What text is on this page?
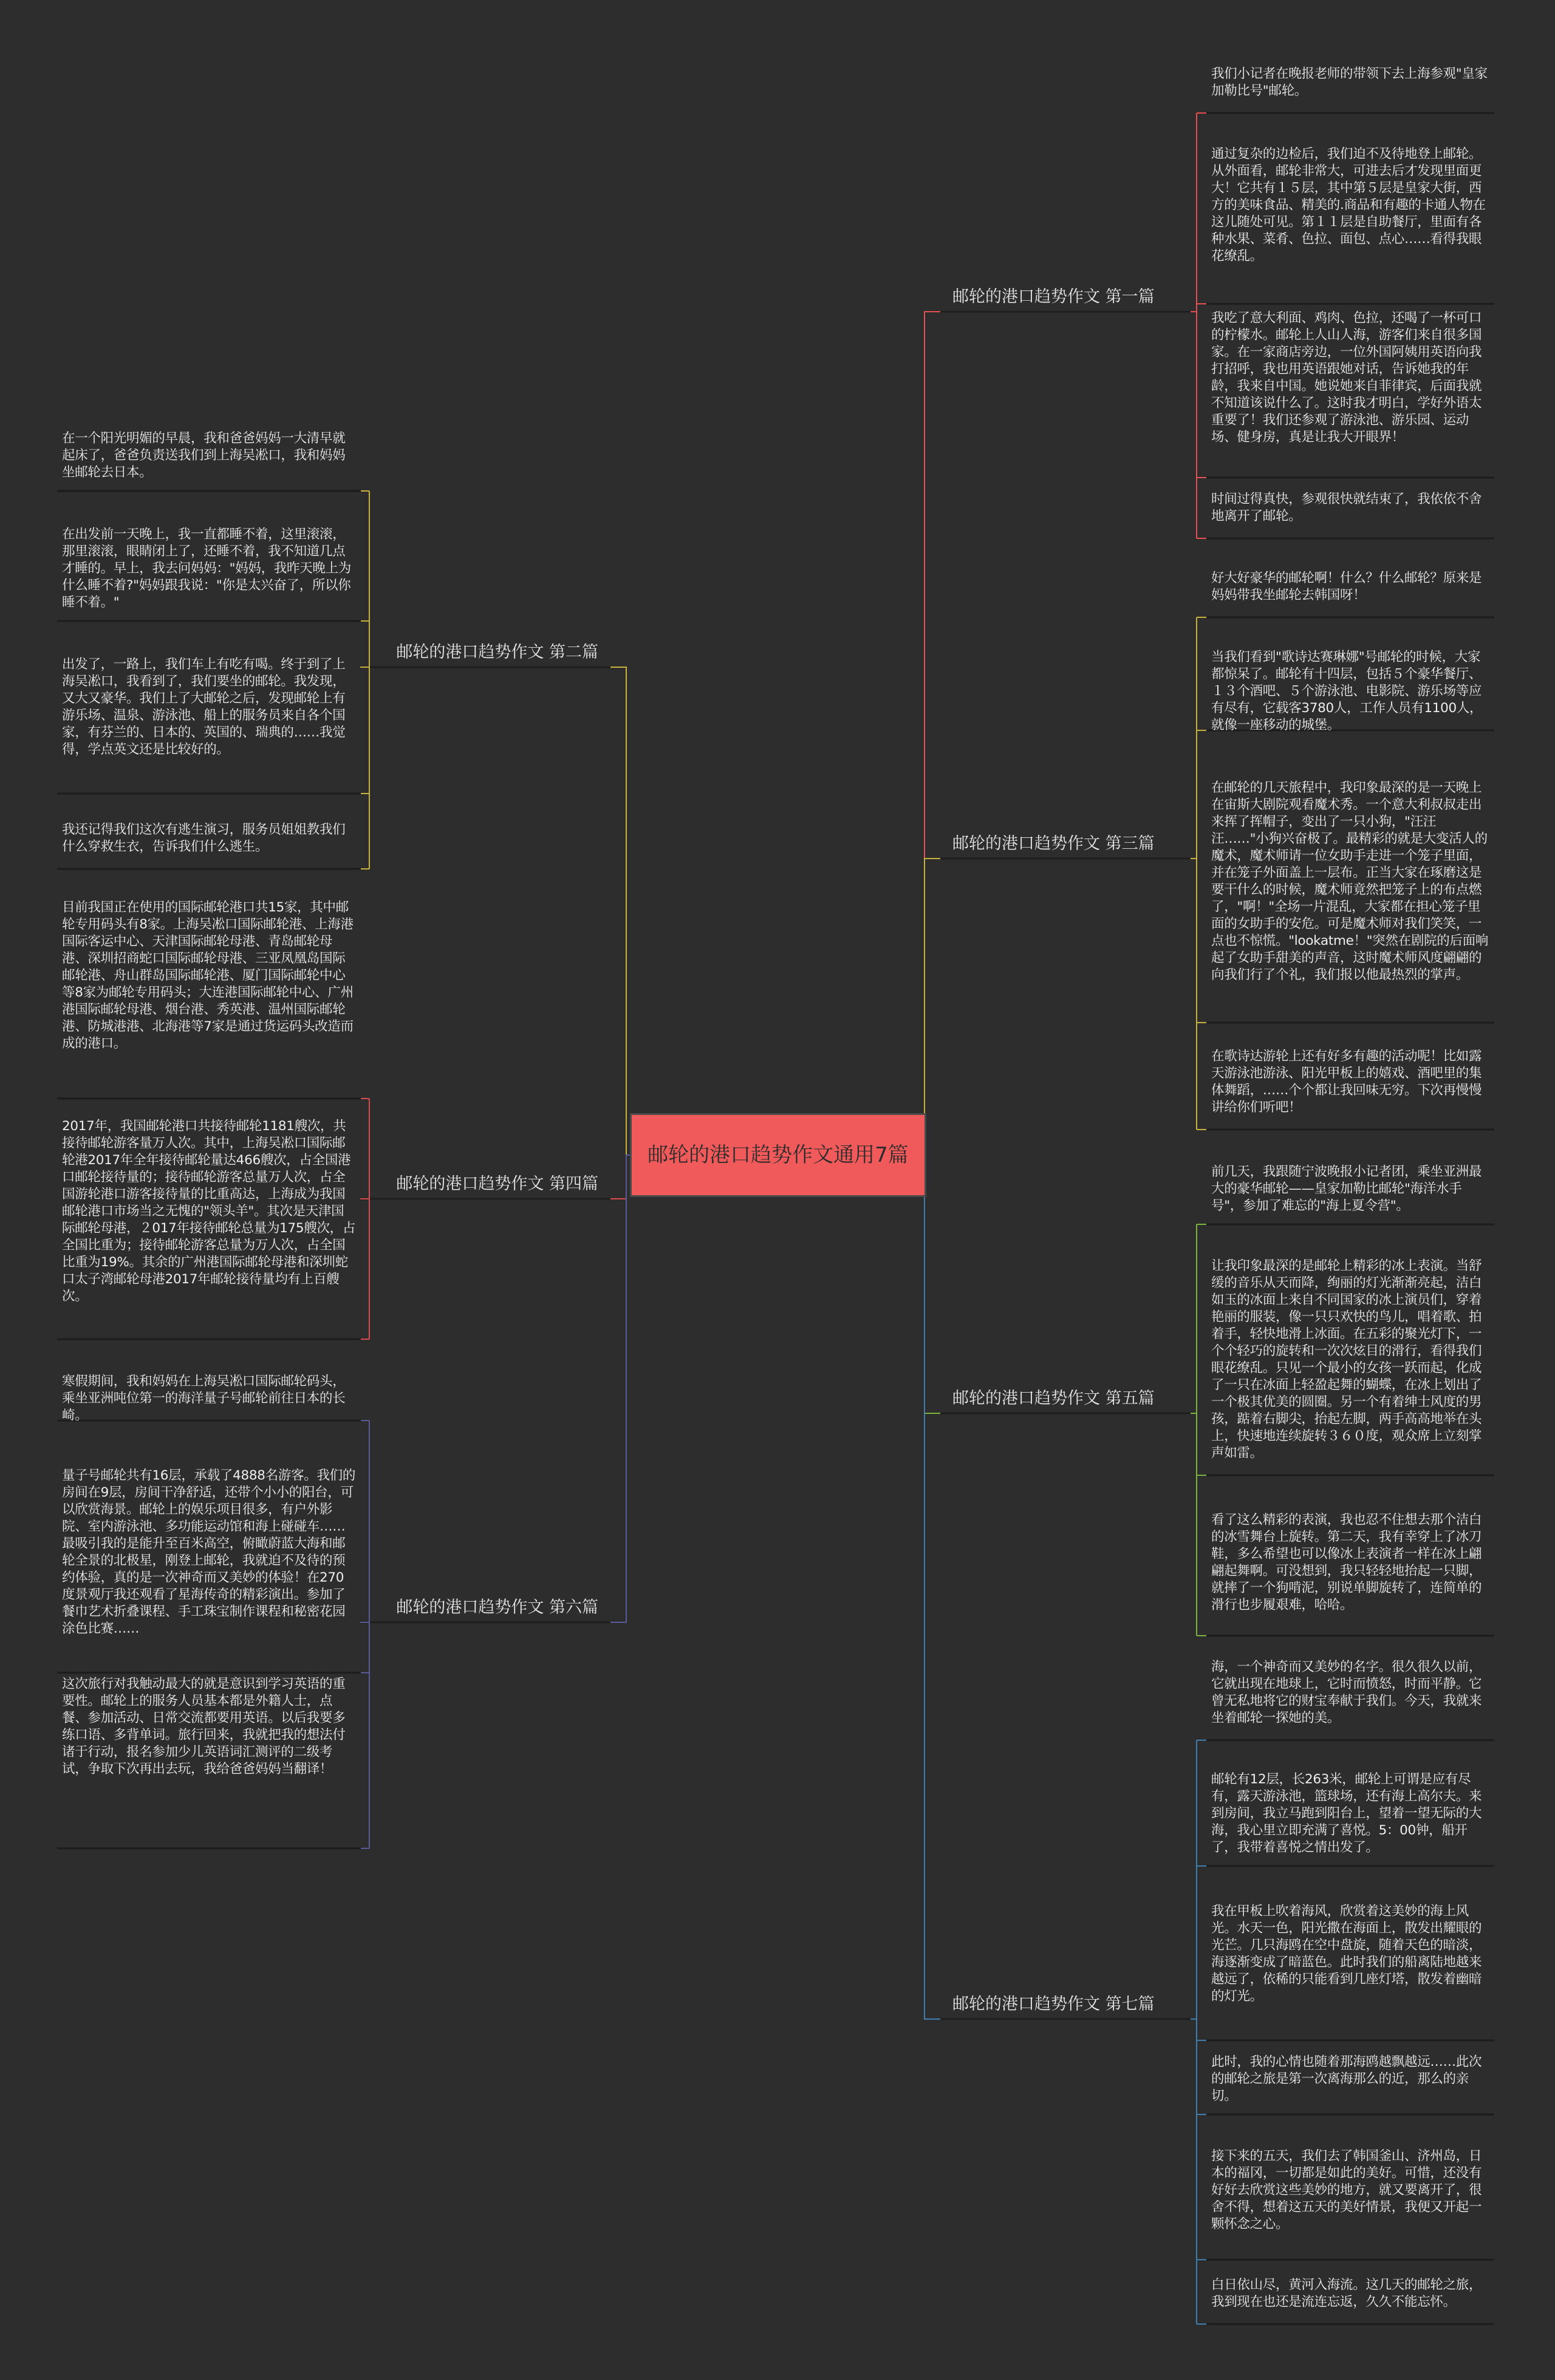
邮轮的港口趋势作文通用7篇
邮轮的港口趋势作文 第一篇
我们小记者在晚报老师的带领下去上海参观"皇家加勒比号"邮轮。
通过复杂的边检后，我们迫不及待地登上邮轮。从外面看，邮轮非常大，可进去后才发现里面更大！它共有１５层，其中第５层是皇家大街，西方的美味食品、精美的.商品和有趣的卡通人物在这儿随处可见。第１１层是自助餐厅，里面有各种水果、菜肴、色拉、面包、点心……看得我眼花缭乱。
我吃了意大利面、鸡肉、色拉，还喝了一杯可口的柠檬水。邮轮上人山人海，游客们来自很多国家。在一家商店旁边，一位外国阿姨用英语向我打招呼，我也用英语跟她对话，告诉她我的年龄，我来自中国。她说她来自菲律宾，后面我就不知道该说什么了。这时我才明白，学好外语太重要了！我们还参观了游泳池、游乐园、运动场、健身房，真是让我大开眼界！
时间过得真快，参观很快就结束了，我依依不舍地离开了邮轮。
邮轮的港口趋势作文 第二篇
在一个阳光明媚的早晨，我和爸爸妈妈一大清早就起床了，爸爸负责送我们到上海吴凇口，我和妈妈坐邮轮去日本。
在出发前一天晚上，我一直都睡不着，这里滚滚，那里滚滚，眼睛闭上了，还睡不着，我不知道几点才睡的。早上，我去问妈妈："妈妈，我昨天晚上为什么睡不着?"妈妈跟我说："你是太兴奋了，所以你睡不着。"
出发了，一路上，我们车上有吃有喝。终于到了上海吴凇口，我看到了，我们要坐的邮轮。我发现，又大又豪华。我们上了大邮轮之后，发现邮轮上有游乐场、温泉、游泳池、船上的服务员来自各个国家，有芬兰的、日本的、英国的、瑞典的……我觉得，学点英文还是比较好的。
我还记得我们这次有逃生演习，服务员姐姐教我们什么穿救生衣，告诉我们什么逃生。	邮轮的港口趋势作文 第三篇
好大好豪华的邮轮啊！什么？什么邮轮？原来是妈妈带我坐邮轮去韩国呀！
当我们看到"歌诗达赛琳娜"号邮轮的时候，大家都惊呆了。邮轮有十四层，包括５个豪华餐厅、１３个酒吧、５个游泳池、电影院、游乐场等应有尽有，它载客3780人，工作人员有1100人，就像一座移动的城堡。
在邮轮的几天旅程中，我印象最深的是一天晚上在宙斯大剧院观看魔术秀。一个意大利叔叔走出来挥了挥帽子，变出了一只小狗，"汪汪汪……"小狗兴奋极了。最精彩的就是大变活人的魔术，魔术师请一位女助手走进一个笼子里面，并在笼子外面盖上一层布。正当大家在琢磨这是要干什么的时候，魔术师竟然把笼子上的布点燃了，"啊！"全场一片混乱，大家都在担心笼子里面的女助手的安危。可是魔术师对我们笑笑，一点也不惊慌。"lookatme！"突然在剧院的后面响起了女助手甜美的声音，这时魔术师风度翩翩的向我们行了个礼，我们报以他最热烈的掌声。
在歌诗达游轮上还有好多有趣的活动呢！比如露天游泳池游泳、阳光甲板上的嬉戏、酒吧里的集体舞蹈，……个个都让我回味无穷。下次再慢慢讲给你们听吧！
邮轮的港口趋势作文 第四篇
目前我国正在使用的国际邮轮港口共15家，其中邮轮专用码头有8家。上海吴凇口国际邮轮港、上海港国际客运中心、天津国际邮轮母港、青岛邮轮母港、深圳招商蛇口国际邮轮母港、三亚凤凰岛国际邮轮港、舟山群岛国际邮轮港、厦门国际邮轮中心等8家为邮轮专用码头；大连港国际邮轮中心、广州港国际邮轮母港、烟台港、秀英港、温州国际邮轮港、防城港港、北海港等7家是通过货运码头改造而成的港口。
2017年，我国邮轮港口共接待邮轮1181艘次，共接待邮轮游客量万人次。其中，上海吴凇口国际邮轮港2017年全年接待邮轮量达466艘次，占全国港口邮轮接待量的；接待邮轮游客总量万人次，占全国游轮港口游客接待量的比重高达，上海成为我国邮轮港口市场当之无愧的"领头羊"。其次是天津国际邮轮母港，２017年接待邮轮总量为175艘次，占全国比重为；接待邮轮游客总量为万人次，占全国比重为19%。其余的广州港国际邮轮母港和深圳蛇口太子湾邮轮母港2017年邮轮接待量均有上百艘次。
邮轮的港口趋势作文 第五篇
前几天，我跟随宁波晚报小记者团，乘坐亚洲最大的豪华邮轮——皇家加勒比邮轮"海洋水手号"，参加了难忘的"海上夏令营"。
让我印象最深的是邮轮上精彩的冰上表演。当舒缓的音乐从天而降，绚丽的灯光渐渐亮起，洁白如玉的冰面上来自不同国家的冰上演员们，穿着艳丽的服装，像一只只欢快的鸟儿，唱着歌、拍着手，轻快地滑上冰面。在五彩的聚光灯下，一个个轻巧的旋转和一次次炫目的滑行，看得我们眼花缭乱。只见一个最小的女孩一跃而起，化成了一只在冰面上轻盈起舞的蝴蝶，在冰上划出了一个极其优美的圆圈。另一个有着绅士风度的男孩，踮着右脚尖，抬起左脚，两手高高地举在头上，快速地连续旋转３６０度，观众席上立刻掌声如雷。
看了这么精彩的表演，我也忍不住想去那个洁白的冰雪舞台上旋转。第二天，我有幸穿上了冰刀鞋，多么希望也可以像冰上表演者一样在冰上翩翩起舞啊。可没想到，我只轻轻地抬起一只脚，就摔了一个狗啃泥，别说单脚旋转了，连简单的滑行也步履艰难，哈哈。
邮轮的港口趋势作文 第六篇
寒假期间，我和妈妈在上海吴凇口国际邮轮码头，乘坐亚洲吨位第一的海洋量子号邮轮前往日本的长崎。
量子号邮轮共有16层，承载了4888名游客。我们的房间在9层，房间干净舒适，还带个小小的阳台，可以欣赏海景。邮轮上的娱乐项目很多，有户外影院、室内游泳池、多功能运动馆和海上碰碰车……最吸引我的是能升至百米高空，俯瞰蔚蓝大海和邮轮全景的北极星，刚登上邮轮，我就迫不及待的预约体验，真的是一次神奇而又美妙的体验！在270度景观厅我还观看了星海传奇的精彩演出。参加了餐巾艺术折叠课程、手工珠宝制作课程和秘密花园涂色比赛……
这次旅行对我触动最大的就是意识到学习英语的重要性。邮轮上的服务人员基本都是外籍人士，点餐、参加活动、日常交流都要用英语。以后我要多练口语、多背单词。旅行回来，我就把我的想法付诸于行动，报名参加少儿英语词汇测评的二级考试，争取下次再出去玩，我给爸爸妈妈当翻译！
邮轮的港口趋势作文 第七篇
海，一个神奇而又美妙的名字。很久很久以前，它就出现在地球上，它时而愤怒，时而平静。它曾无私地将它的财宝奉献于我们。今天，我就来坐着邮轮一探她的美。
邮轮有12层，长263米，邮轮上可谓是应有尽有，露天游泳池，篮球场，还有海上高尔夫。来到房间，我立马跑到阳台上，望着一望无际的大海，我心里立即充满了喜悦。5：00钟，船开了，我带着喜悦之情出发了。
我在甲板上吹着海风，欣赏着这美妙的海上风光。水天一色，阳光撒在海面上，散发出耀眼的光芒。几只海鸥在空中盘旋，随着天色的暗淡，海逐渐变成了暗蓝色。此时我们的船离陆地越来越远了，依稀的只能看到几座灯塔，散发着幽暗的灯光。
此时，我的心情也随着那海鸥越飘越远……此次的邮轮之旅是第一次离海那么的近，那么的亲切。
接下来的五天，我们去了韩国釜山、济州岛，日本的福冈，一切都是如此的美好。可惜，还没有好好去欣赏这些美妙的地方，就又要离开了，很舍不得，想着这五天的美好情景，我便又开起一颗怀念之心。
白日依山尽，黄河入海流。这几天的邮轮之旅，我到现在也还是流连忘返，久久不能忘怀。
